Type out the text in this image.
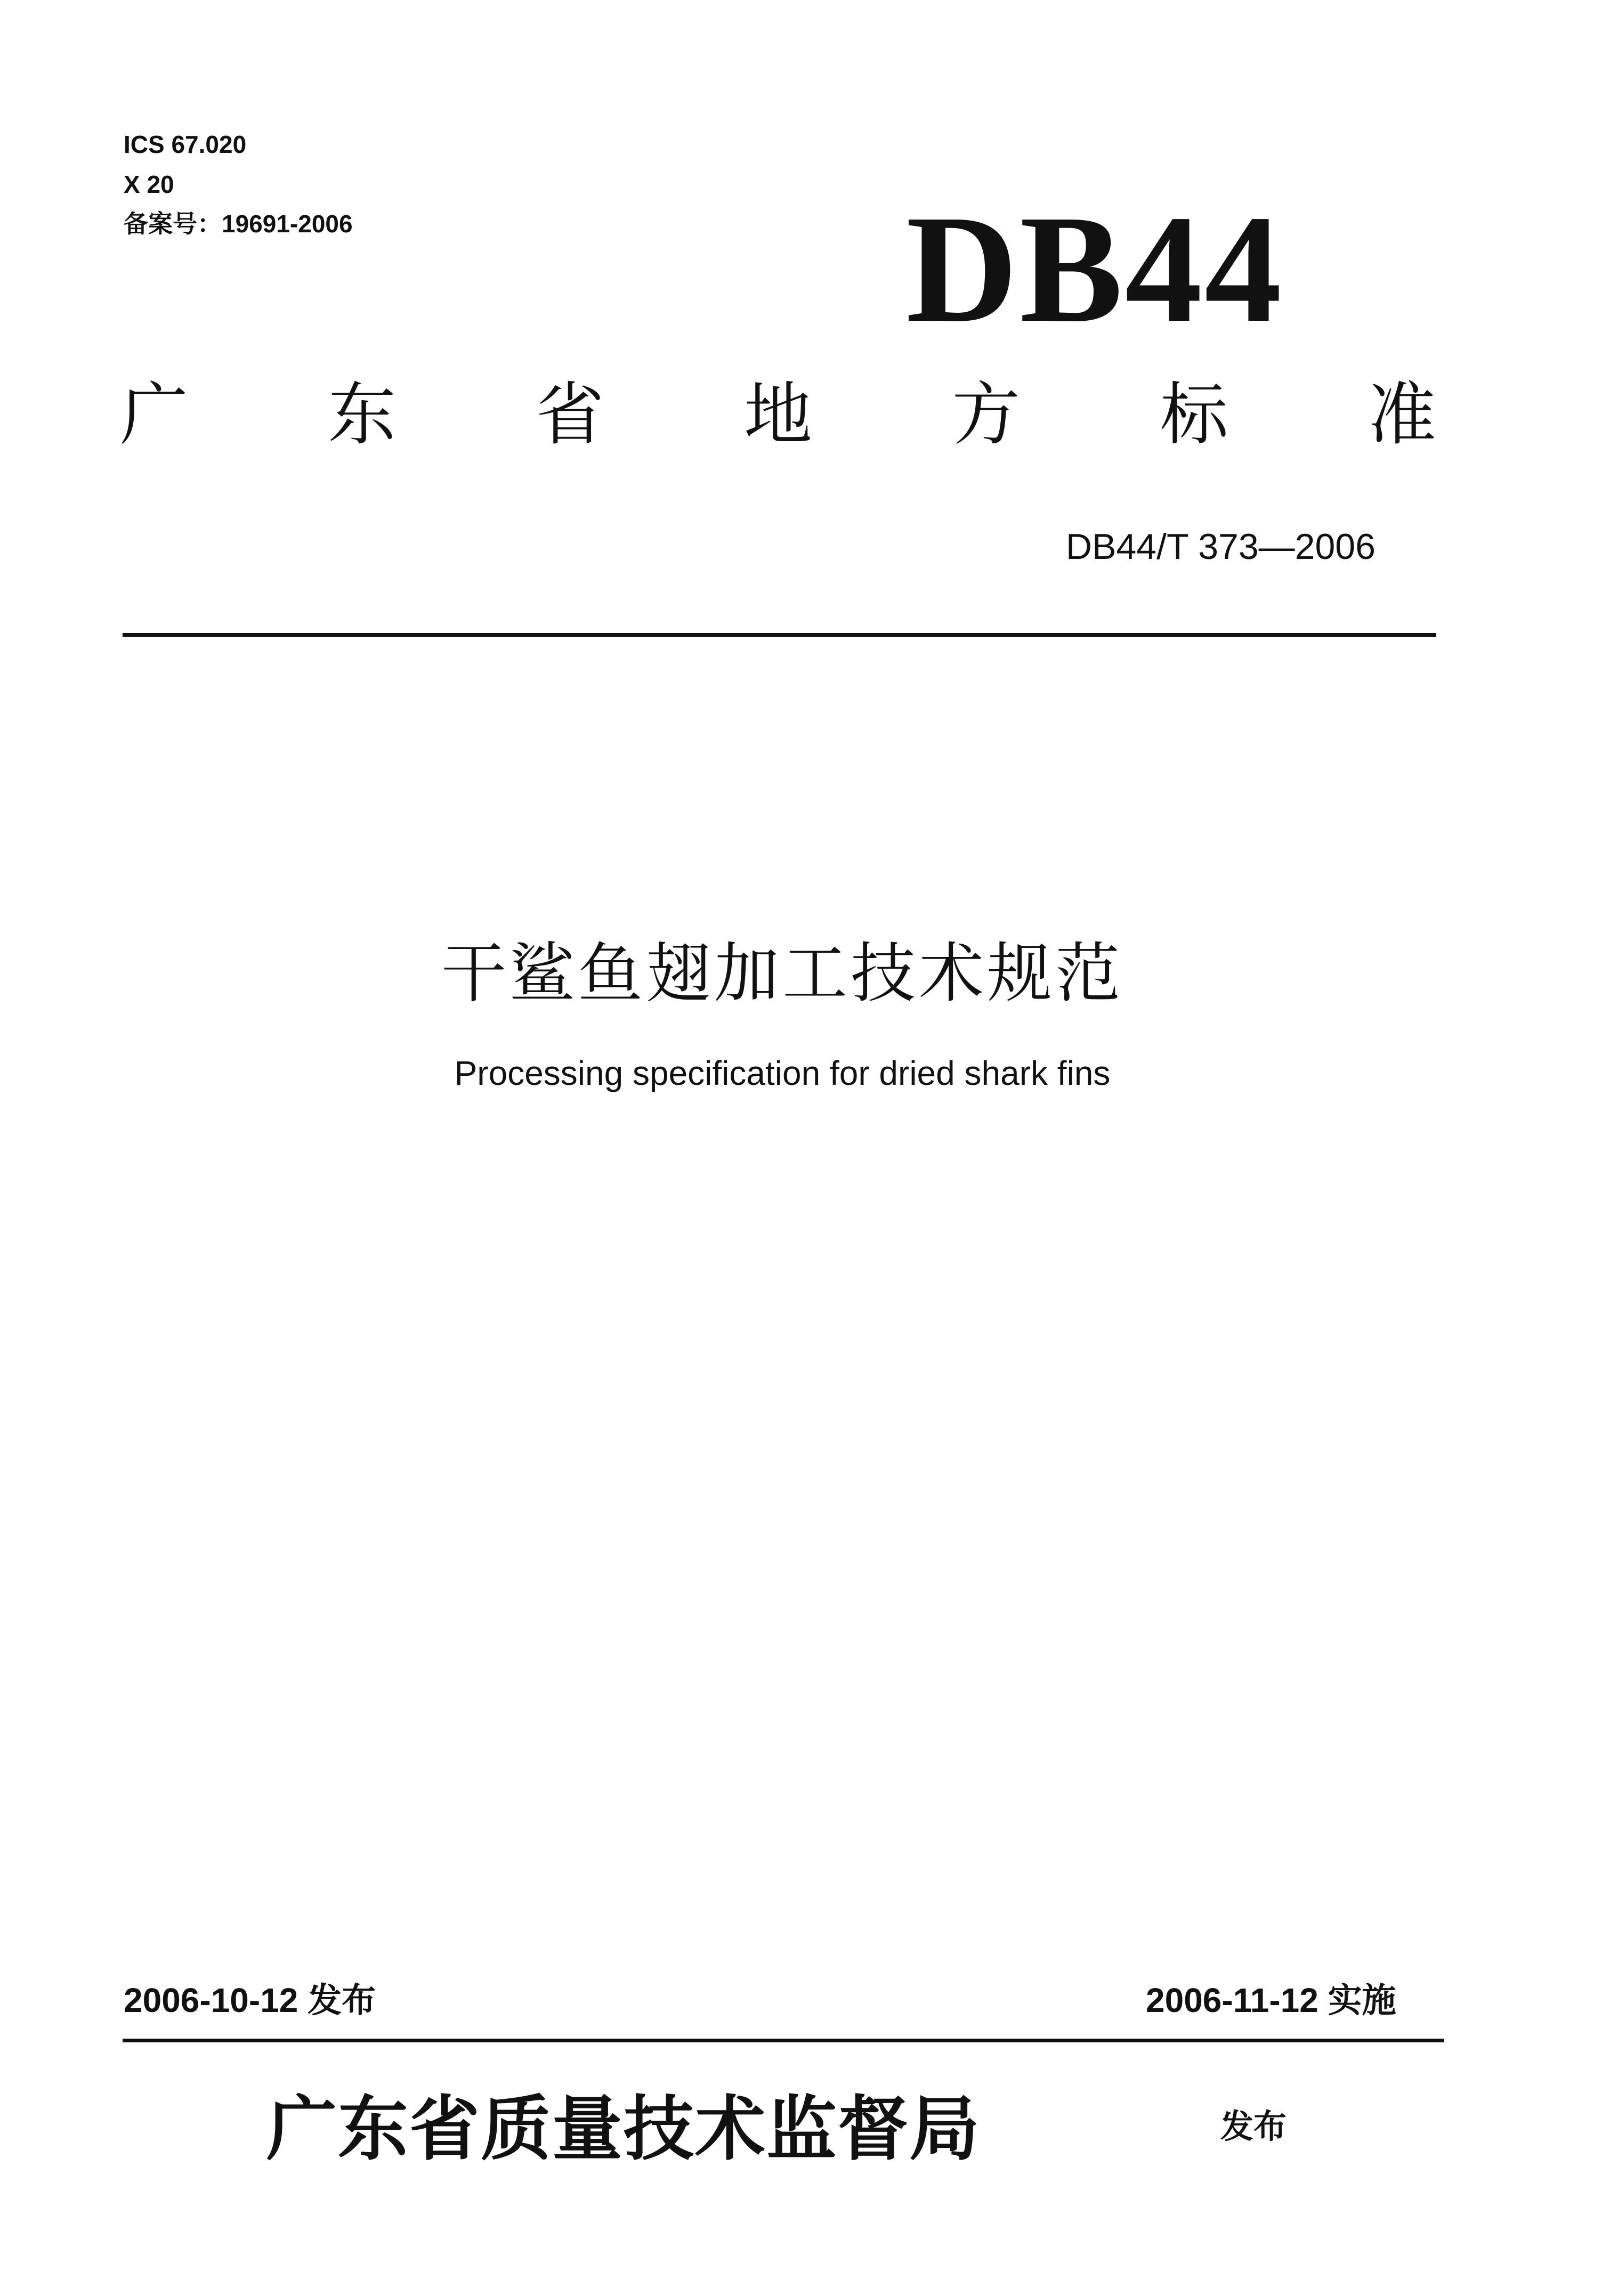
ICS 67.020
X 20
备案号：19691-2006	DB44
广 东 省 地 方 标 准
DB44/T 373—2006
干鲨鱼翅加工技术规范
Processing specification for dried shark fins
2006-10-12 发布	2006-11-12 实施
广东省质量技术监督局	发布
